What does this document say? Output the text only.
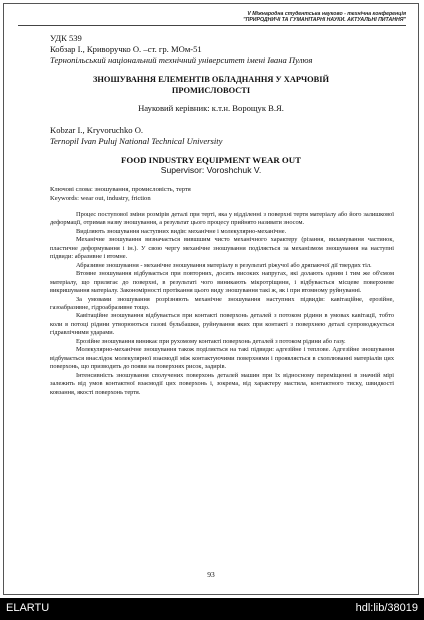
V Міжнародна студентська науково - технічна конференція
"ПРИРОДНИЧІ ТА ГУМАНІТАРНІ НАУКИ. АКТУАЛЬНІ ПИТАННЯ"
УДК 539
Кобзар І., Криворучко О. –ст. гр. МОм-51
Тернопільський національний технічний університет імені Івана Пулюя
ЗНОШУВАННЯ ЕЛЕМЕНТІВ ОБЛАДНАННЯ У ХАРЧОВІЙ
ПРОМИСЛОВОСТІ
Науковий керівник: к.т.н. Ворощук В.Я.
Kobzar I., Kryvoruchko O.
Ternopil Ivan Puluj National Technical University
FOOD INDUSTRY EQUIPMENT WEAR OUT
Supervisor: Voroshchuk V.
Ключові слова: зношування, промисловість, тертя
Keywords: wear out, industry, friction

Процес поступової зміни розмірів деталі при терті, яка у відділенні з поверхні тертя матеріалу або його залишкової деформації, отримав назву зношування, а результат цього процесу прийнято називати зносом.

Виділяють зношування наступних видів: механічне і молекулярно-механічне.

Механічне зношування визначається вившшим чисто механічного характеру (різання, виламування частинок, пластичне деформування і ін.). У свою чергу механічне зношування поділяється за механізмом зношування на наступні підвиди: абразивне і втомне.

Абразивне зношування - механічне зношування матеріалу в результаті ріжучої або дряпаючої дії твердих тіл.

Втомне зношування відбувається при повторних, досить високих напругах, які долають одним і тим же об'ємом матеріалу, що прилягає до поверхні, в результаті чого виникають мікротріщини, і відбувається місцеве поверхневе викришування матеріалу. Закономірності протікання цього виду зношування такі ж, як і при втомному руйнуванні.

За умовами зношування розрізняють механічне зношування наступних підвидів: кавітаційне, ерозійне, газоабразивне, гідроабразивне тощо.

Кавітаційне зношування відбувається при контакті поверхонь деталей з потоком рідини в умовах кавітації, тобто коли в потоці рідини утворюються газові бульбашки, руйнування яких при контакті з поверхнею деталі супроводжується гідравлічними ударами.

Ерозійне зношування виникає при рухомому контакті поверхонь деталей з потоком рідини або газу.

Молекулярно-механічне зношування також поділяється на такі підвиди: адгезійне і теплове. Адгезійне зношування відбувається внаслідок молекулярної взаємодії між контактуючими поверхнями і проявляється в схоплюванні матеріалів цих поверхонь, що призводить до появи на поверхнях рисок, задирів.

Інтенсивність зношування сполучених поверхонь деталей машин при їх відносному переміщенні в значній мірі залежить від умов контактної взаємодії цих поверхонь і, зокрема, від характеру мастила, контактного тиску, швидкості ковзання, якості поверхонь тертя.

93
ELARTU	hdl:lib/38019
